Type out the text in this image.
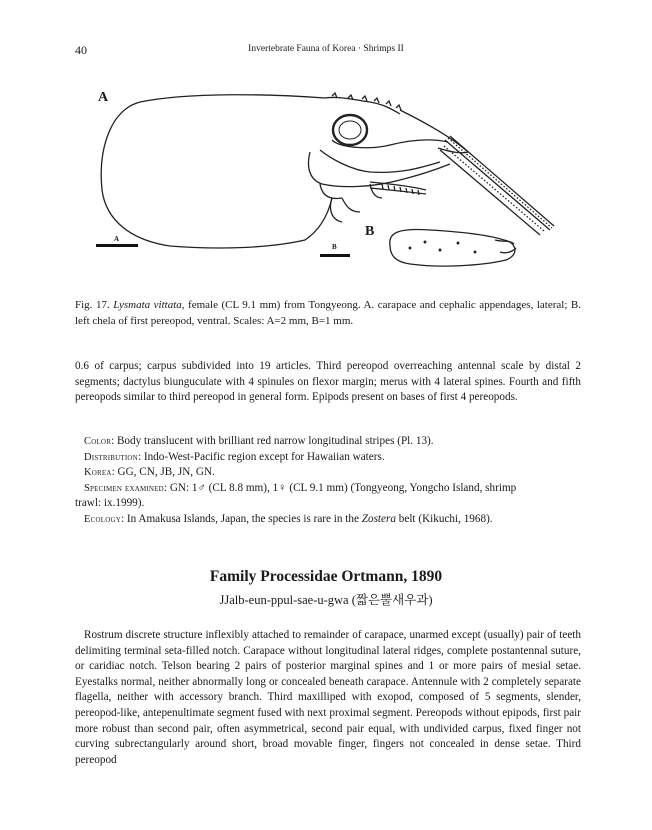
40	Invertebrate Fauna of Korea · Shrimps II
A
B
A
B
Fig. 17. Lysmata vittata, female (CL 9.1 mm) from Tongyeong. A. carapace and cephalic appendages, lateral; B. left chela of first pereopod, ventral. Scales: A=2 mm, B=1 mm.
0.6 of carpus; carpus subdivided into 19 articles. Third pereopod overreaching antennal scale by distal 2 segments; dactylus biunguculate with 4 spinules on flexor margin; merus with 4 lateral spines. Fourth and fifth pereopods similar to third pereopod in general form. Epipods present on bases of first 4 pereopods.
Color: Body translucent with brilliant red narrow longitudinal stripes (Pl. 13).
Distribution: Indo-West-Pacific region except for Hawaiian waters.
Korea: GG, CN, JB, JN, GN.
Specimen examined: GN: 1♂ (CL 8.8 mm), 1♀ (CL 9.1 mm) (Tongyeong, Yongcho Island, shrimp
trawl: ix.1999).
Ecology: In Amakusa Islands, Japan, the species is rare in the Zostera belt (Kikuchi, 1968).
Family Processidae Ortmann, 1890
JJalb-eun-ppul-sae-u-gwa (짧은뿔새우과)
Rostrum discrete structure inflexibly attached to remainder of carapace, unarmed except (usually) pair of teeth delimiting terminal seta-filled notch. Carapace without longitudinal lateral ridges, complete postantennal suture, or caridiac notch. Telson bearing 2 pairs of posterior marginal spines and 1 or more pairs of mesial setae. Eyestalks normal, neither abnormally long or concealed beneath carapace. Antennule with 2 completely separate flagella, neither with accessory branch. Third maxilliped with exopod, composed of 5 segments, slender, pereopod-like, antepenultimate segment fused with next proximal segment. Pereopods without epipods, first pair more robust than second pair, often asymmetrical, second pair equal, with undivided carpus, fixed finger not curving subrectangularly around short, broad movable finger, fingers not concealed in dense setae. Third pereopod
